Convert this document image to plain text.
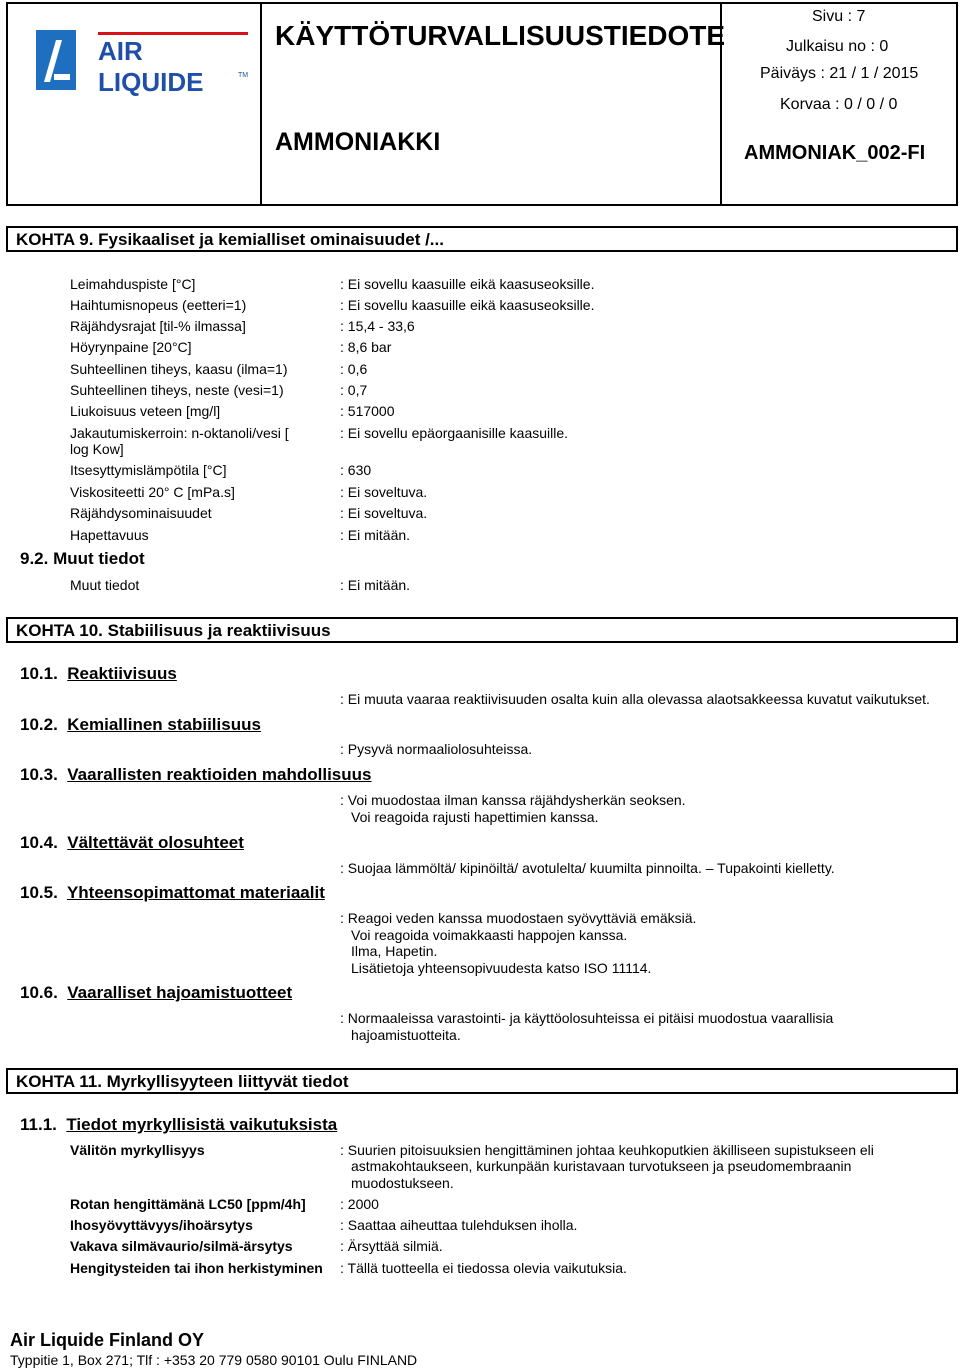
AIR LIQUIDE	TM
KÄYTTÖTURVALLISUUSTIEDOTE
AMMONIAKKI
Sivu : 7
Julkaisu no : 0
Päiväys : 21 / 1 / 2015
Korvaa : 0 / 0 / 0
AMMONIAK_002-FI
KOHTA 9. Fysikaaliset ja kemialliset ominaisuudet /...
Leimahduspiste [°C]	: Ei sovellu kaasuille eikä kaasuseoksille.
Haihtumisnopeus (eetteri=1)	: Ei sovellu kaasuille eikä kaasuseoksille.
Räjähdysrajat [til-% ilmassa]	: 15,4 - 33,6
Höyrynpaine [20°C]	: 8,6 bar
Suhteellinen tiheys, kaasu (ilma=1)	: 0,6
Suhteellinen tiheys, neste (vesi=1)	: 0,7
Liukoisuus veteen [mg/l]	: 517000
Jakautumiskerroin: n-oktanoli/vesi [
log Kow]
: Ei sovellu epäorgaanisille kaasuille.
Itsesyttymislämpötila [°C]	: 630
Viskositeetti 20° C [mPa.s]	: Ei soveltuva.
Räjähdysominaisuudet	: Ei soveltuva.
Hapettavuus	: Ei mitään.
9.2. Muut tiedot
Muut tiedot	: Ei mitään.
KOHTA 10. Stabiilisuus ja reaktiivisuus
10.1. Reaktiivisuus
: Ei muuta vaaraa reaktiivisuuden osalta kuin alla olevassa alaotsakkeessa kuvatut vaikutukset.
10.2. Kemiallinen stabiilisuus
: Pysyvä normaaliolosuhteissa.
10.3. Vaarallisten reaktioiden mahdollisuus
: Voi muodostaa ilman kanssa räjähdysherkän seoksen.
Voi reagoida rajusti hapettimien kanssa.
10.4. Vältettävät olosuhteet
: Suojaa lämmöltä/ kipinöiltä/ avotulelta/ kuumilta pinnoilta. – Tupakointi kielletty.
10.5. Yhteensopimattomat materiaalit
: Reagoi veden kanssa muodostaen syövyttäviä emäksiä.
Voi reagoida voimakkaasti happojen kanssa.
Ilma, Hapetin.
Lisätietoja yhteensopivuudesta katso ISO 11114.
10.6. Vaaralliset hajoamistuotteet
: Normaaleissa varastointi- ja käyttöolosuhteissa ei pitäisi muodostua vaarallisia
hajoamistuotteita.
KOHTA 11. Myrkyllisyyteen liittyvät tiedot
11.1. Tiedot myrkyllisistä vaikutuksista
Välitön myrkyllisyys	: Suurien pitoisuuksien hengittäminen johtaa keuhkoputkien äkilliseen supistukseen eli
astmakohtaukseen, kurkunpään kuristavaan turvotukseen ja pseudomembraanin
muodostukseen.
Rotan hengittämänä LC50 [ppm/4h] : 2000
Ihosyövyttävyys/ihoärsytys	: Saattaa aiheuttaa tulehduksen iholla.
Vakava silmävaurio/silmä-ärsytys	: Ärsyttää silmiä.
Hengitysteiden tai ihon herkistyminen : Tällä tuotteella ei tiedossa olevia vaikutuksia.
Air Liquide Finland OY
Typpitie 1, Box 271; Tlf : +353 20 779 0580 90101 Oulu FINLAND
